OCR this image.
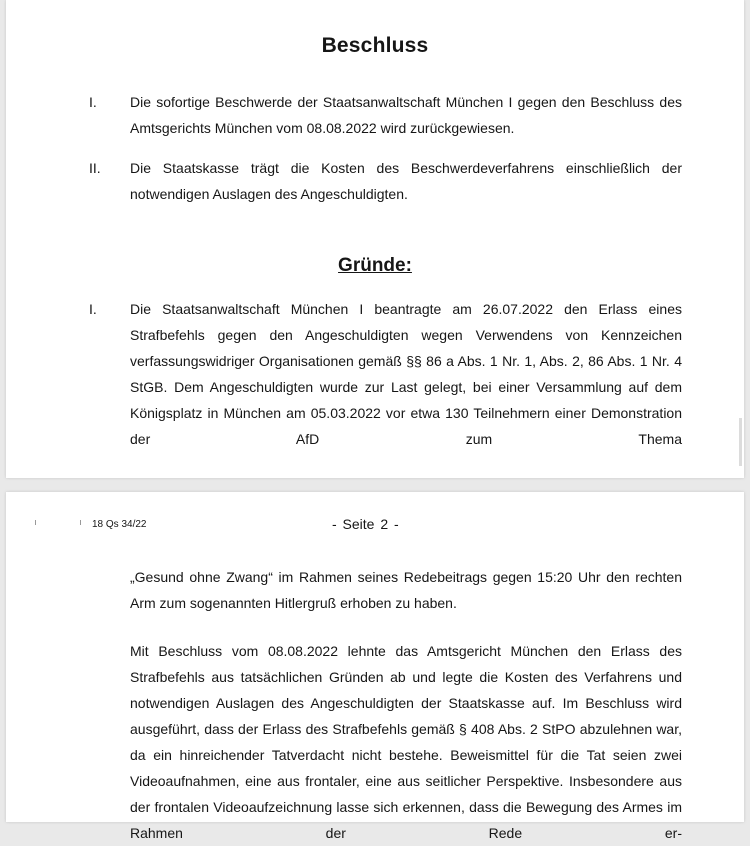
Beschluss
I. Die sofortige Beschwerde der Staatsanwaltschaft München I gegen den Beschluss des Amtsgerichts München vom 08.08.2022 wird zurückgewiesen.
II. Die Staatskasse trägt die Kosten des Beschwerdeverfahrens einschließlich der notwendigen Auslagen des Angeschuldigten.
Gründe:
I. Die Staatsanwaltschaft München I beantragte am 26.07.2022 den Erlass eines Strafbefehls gegen den Angeschuldigten wegen Verwendens von Kennzeichen verfassungswidriger Organisationen gemäß §§ 86 a Abs. 1 Nr. 1, Abs. 2, 86 Abs. 1 Nr. 4 StGB. Dem Angeschuldigten wurde zur Last gelegt, bei einer Versammlung auf dem Königsplatz in München am 05.03.2022 vor etwa 130 Teilnehmern einer Demonstration der AfD zum Thema
18 Qs 34/22	- Seite 2 -
„Gesund ohne Zwang“ im Rahmen seines Redebeitrags gegen 15:20 Uhr den rechten Arm zum sogenannten Hitlergruß erhoben zu haben.
Mit Beschluss vom 08.08.2022 lehnte das Amtsgericht München den Erlass des Strafbefehls aus tatsächlichen Gründen ab und legte die Kosten des Verfahrens und notwendigen Auslagen des Angeschuldigten der Staatskasse auf. Im Beschluss wird ausgeführt, dass der Erlass des Strafbefehls gemäß § 408 Abs. 2 StPO abzulehnen war, da ein hinreichender Tatverdacht nicht bestehe. Beweismittel für die Tat seien zwei Videoaufnahmen, eine aus frontaler, eine aus seitlicher Perspektive. Insbesondere aus der frontalen Videoaufzeichnung lasse sich erkennen, dass die Bewegung des Armes im Rahmen der Rede er-
